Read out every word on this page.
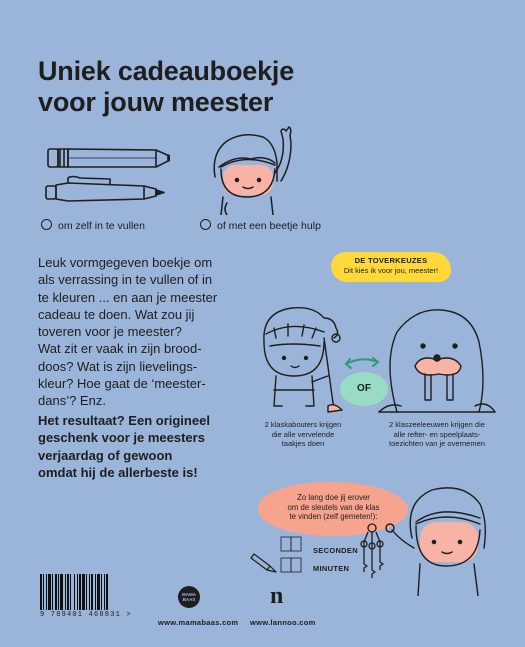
Uniek cadeauboekje
voor jouw meester
om zelf in te vullen	of met een beetje hulp
Leuk vormgegeven boekje om
als verrassing in te vullen of in
te kleuren ... en aan je meester
cadeau te doen. Wat zou jij
toveren voor je meester?
Wat zit er vaak in zijn brood-
doos? Wat is zijn lievelings-
kleur? Hoe gaat de ‘meester-
dans’? Enz.
Het resultaat? Een origineel
geschenk voor je meesters
verjaardag of gewoon
omdat hij de allerbeste is!
DE TOVERKEUZES
Dit kies ik voor jou, meester!
OF
2 klaskabouters krijgen
die alle vervelende
taakjes doen
2 klaszeeleeuwen krijgen die
alle refter- en speelplaats-
toezichten van je overnemen
Zo lang doe jij erover
om de sleutels van de klas
te vinden (zelf gemeten!):
SECONDEN
MINUTEN
9 789401 468831 >
MAMA BAAS
www.mamabaas.com
n
www.lannoo.com
